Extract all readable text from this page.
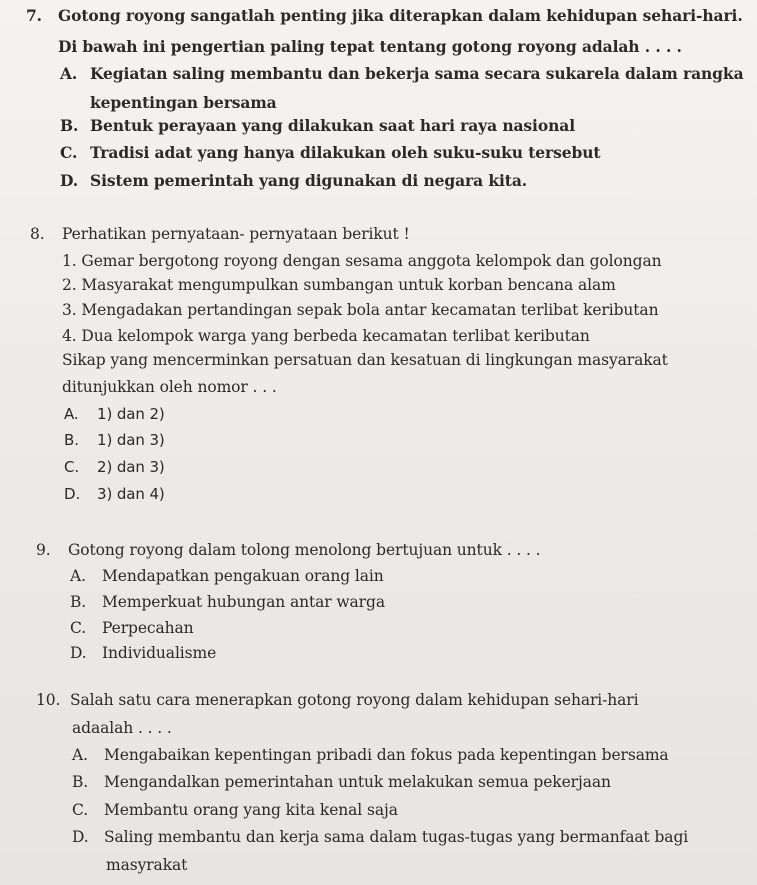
7. Gotong royong sangatlah penting jika diterapkan dalam kehidupan sehari-hari.
Di bawah ini pengertian paling tepat tentang gotong royong adalah . . . .
A. Kegiatan saling membantu dan bekerja sama secara sukarela dalam rangka
kepentingan bersama
B. Bentuk perayaan yang dilakukan saat hari raya nasional
C. Tradisi adat yang hanya dilakukan oleh suku-suku tersebut
D. Sistem pemerintah yang digunakan di negara kita.
8. Perhatikan pernyataan- pernyataan berikut !
1. Gemar bergotong royong dengan sesama anggota kelompok dan golongan
2. Masyarakat mengumpulkan sumbangan untuk korban bencana alam
3. Mengadakan pertandingan sepak bola antar kecamatan terlibat keributan
4. Dua kelompok warga yang berbeda kecamatan terlibat keributan
Sikap yang mencerminkan persatuan dan kesatuan di lingkungan masyarakat
ditunjukkan oleh nomor . . .
A. 1) dan 2)
B. 1) dan 3)
C. 2) dan 3)
D. 3) dan 4)
9. Gotong royong dalam tolong menolong bertujuan untuk . . . .
A. Mendapatkan pengakuan orang lain
B. Memperkuat hubungan antar warga
C. Perpecahan
D. Individualisme
10. Salah satu cara menerapkan gotong royong dalam kehidupan sehari-hari
adaalah . . . .
A. Mengabaikan kepentingan pribadi dan fokus pada kepentingan bersama
B. Mengandalkan pemerintahan untuk melakukan semua pekerjaan
C. Membantu orang yang kita kenal saja
D. Saling membantu dan kerja sama dalam tugas-tugas yang bermanfaat bagi
masyrakat
